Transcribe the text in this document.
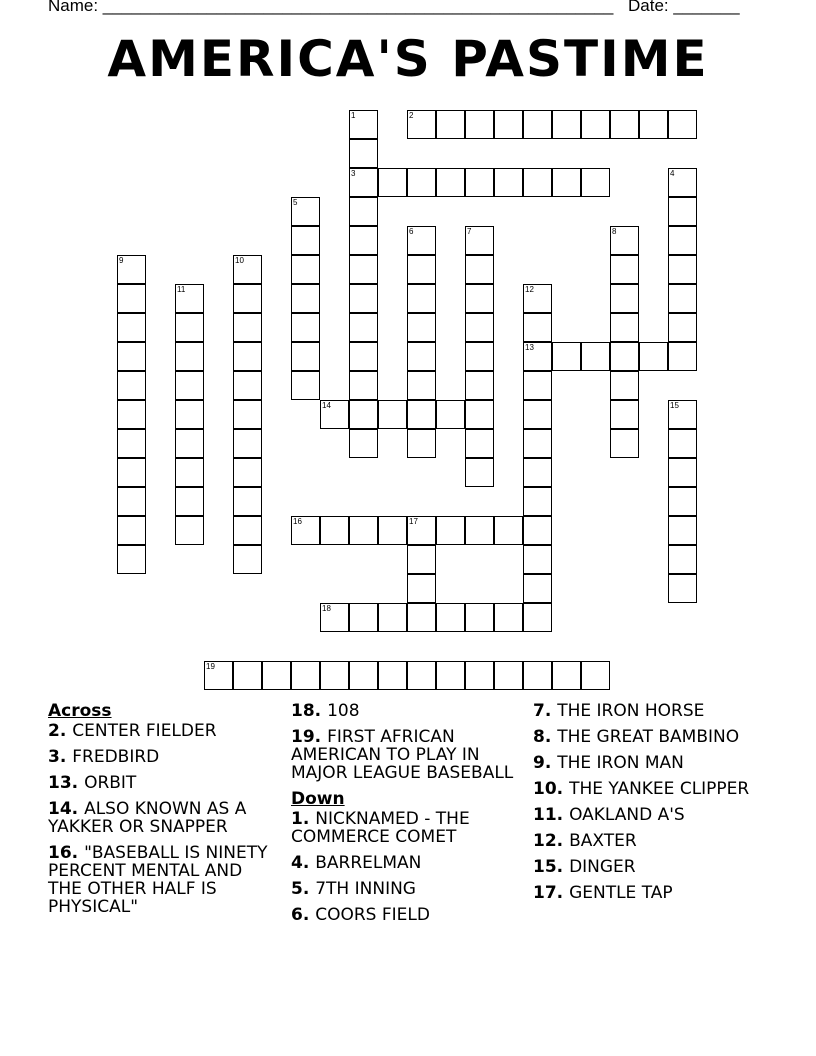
Name: ______________________________________________________ Date: _______
AMERICA'S PASTIME
2
3
13
14
16	17
18
19
1
4
5
6	7	8
9	10
11	12
15
Across
2. CENTER FIELDER
3. FREDBIRD
13. ORBIT
14. ALSO KNOWN AS A YAKKER OR SNAPPER
16. "BASEBALL IS NINETY PERCENT MENTAL AND THE OTHER HALF IS PHYSICAL"
18. 108
19. FIRST AFRICAN AMERICAN TO PLAY IN MAJOR LEAGUE BASEBALL
Down
1. NICKNAMED - THE COMMERCE COMET
4. BARRELMAN
5. 7TH INNING
6. COORS FIELD
7. THE IRON HORSE
8. THE GREAT BAMBINO
9. THE IRON MAN
10. THE YANKEE CLIPPER
11. OAKLAND A'S
12. BAXTER
15. DINGER
17. GENTLE TAP
